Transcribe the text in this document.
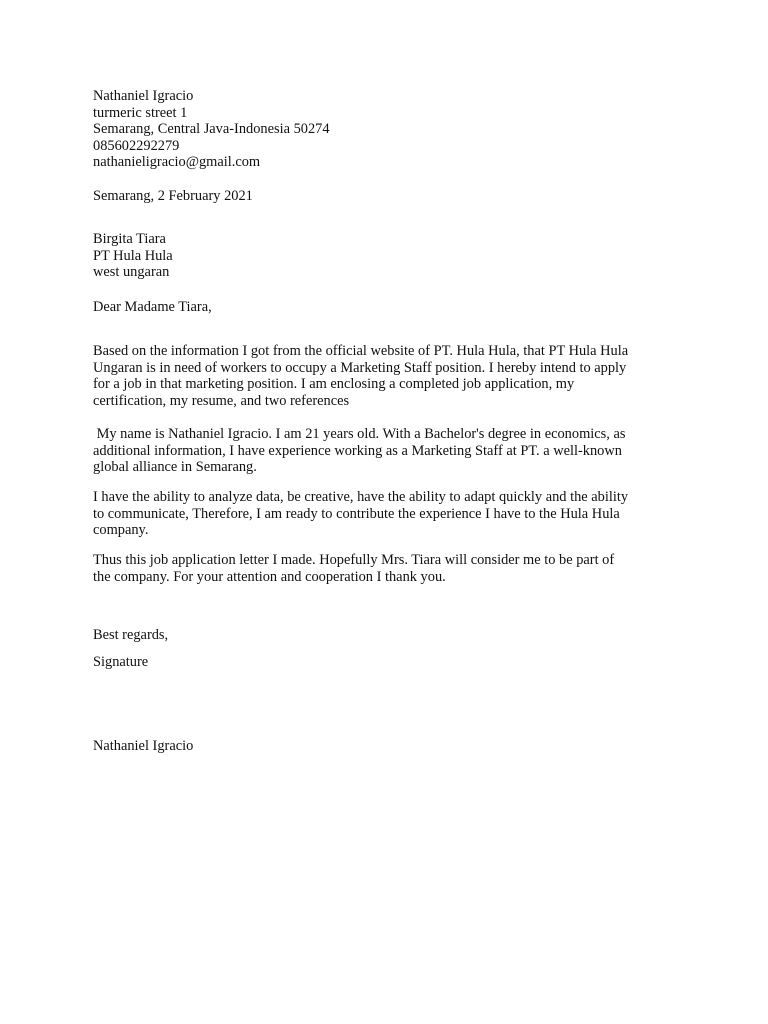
Nathaniel Igracio
turmeric street 1
Semarang, Central Java-Indonesia 50274
085602292279
nathanieligracio@gmail.com
Semarang, 2 February 2021
Birgita Tiara
PT Hula Hula
west ungaran
Dear Madame Tiara,
Based on the information I got from the official website of PT. Hula Hula, that PT Hula Hula
Ungaran is in need of workers to occupy a Marketing Staff position. I hereby intend to apply
for a job in that marketing position. I am enclosing a completed job application, my
certification, my resume, and two references
My name is Nathaniel Igracio. I am 21 years old. With a Bachelor's degree in economics, as
additional information, I have experience working as a Marketing Staff at PT. a well-known
global alliance in Semarang.
I have the ability to analyze data, be creative, have the ability to adapt quickly and the ability
to communicate, Therefore, I am ready to contribute the experience I have to the Hula Hula
company.
Thus this job application letter I made. Hopefully Mrs. Tiara will consider me to be part of
the company. For your attention and cooperation I thank you.
Best regards,
Signature
Nathaniel Igracio
